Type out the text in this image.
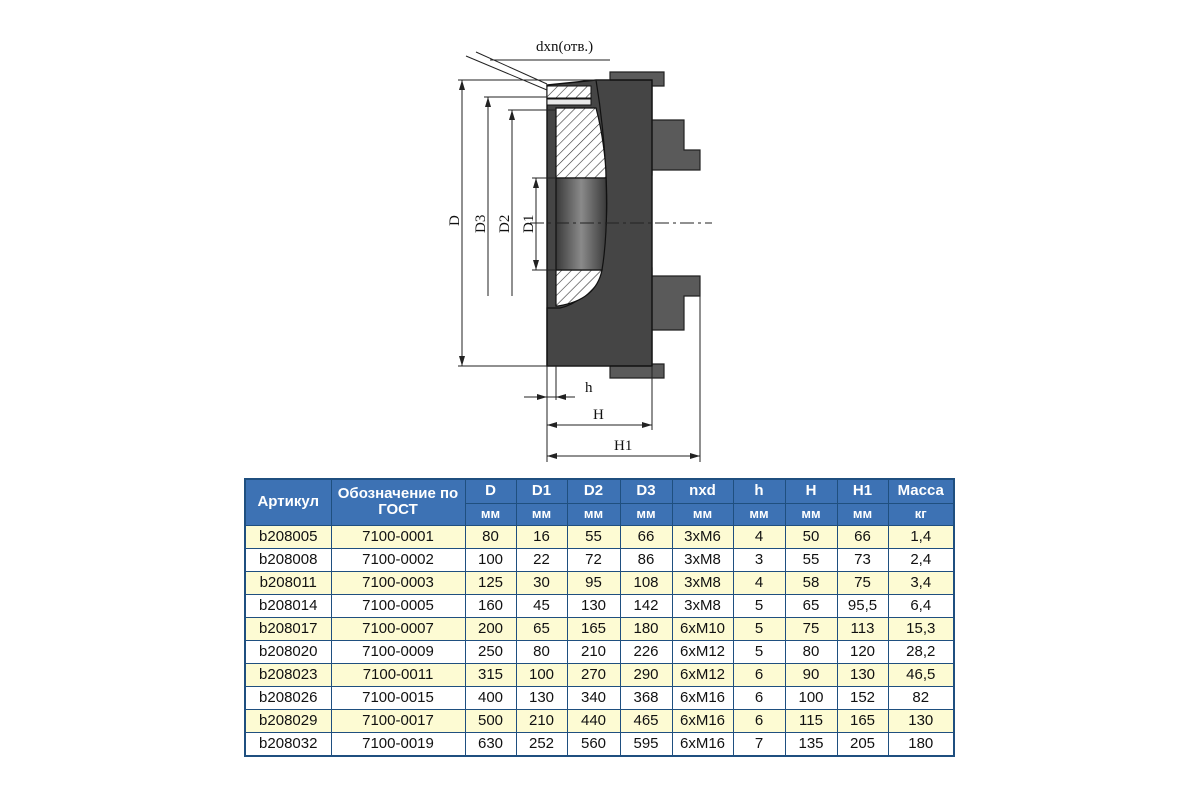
dxn(отв.)
D D3 D2 D1
h
H
H1
Артикул	Обозначение по ГОСТ	D	D1	D2	D3	nxd	h	H	H1	Масса
		мм	мм	мм	мм	мм	мм	мм	мм	кг
b208005	7100-0001	80	16	55	66	3хМ6	4	50	66	1,4
b208008	7100-0002	100	22	72	86	3хМ8	3	55	73	2,4
b208011	7100-0003	125	30	95	108	3хМ8	4	58	75	3,4
b208014	7100-0005	160	45	130	142	3хМ8	5	65	95,5	6,4
b208017	7100-0007	200	65	165	180	6хМ10	5	75	113	15,3
b208020	7100-0009	250	80	210	226	6хМ12	5	80	120	28,2
b208023	7100-0011	315	100	270	290	6хМ12	6	90	130	46,5
b208026	7100-0015	400	130	340	368	6хМ16	6	100	152	82
b208029	7100-0017	500	210	440	465	6хМ16	6	115	165	130
b208032	7100-0019	630	252	560	595	6хМ16	7	135	205	180
